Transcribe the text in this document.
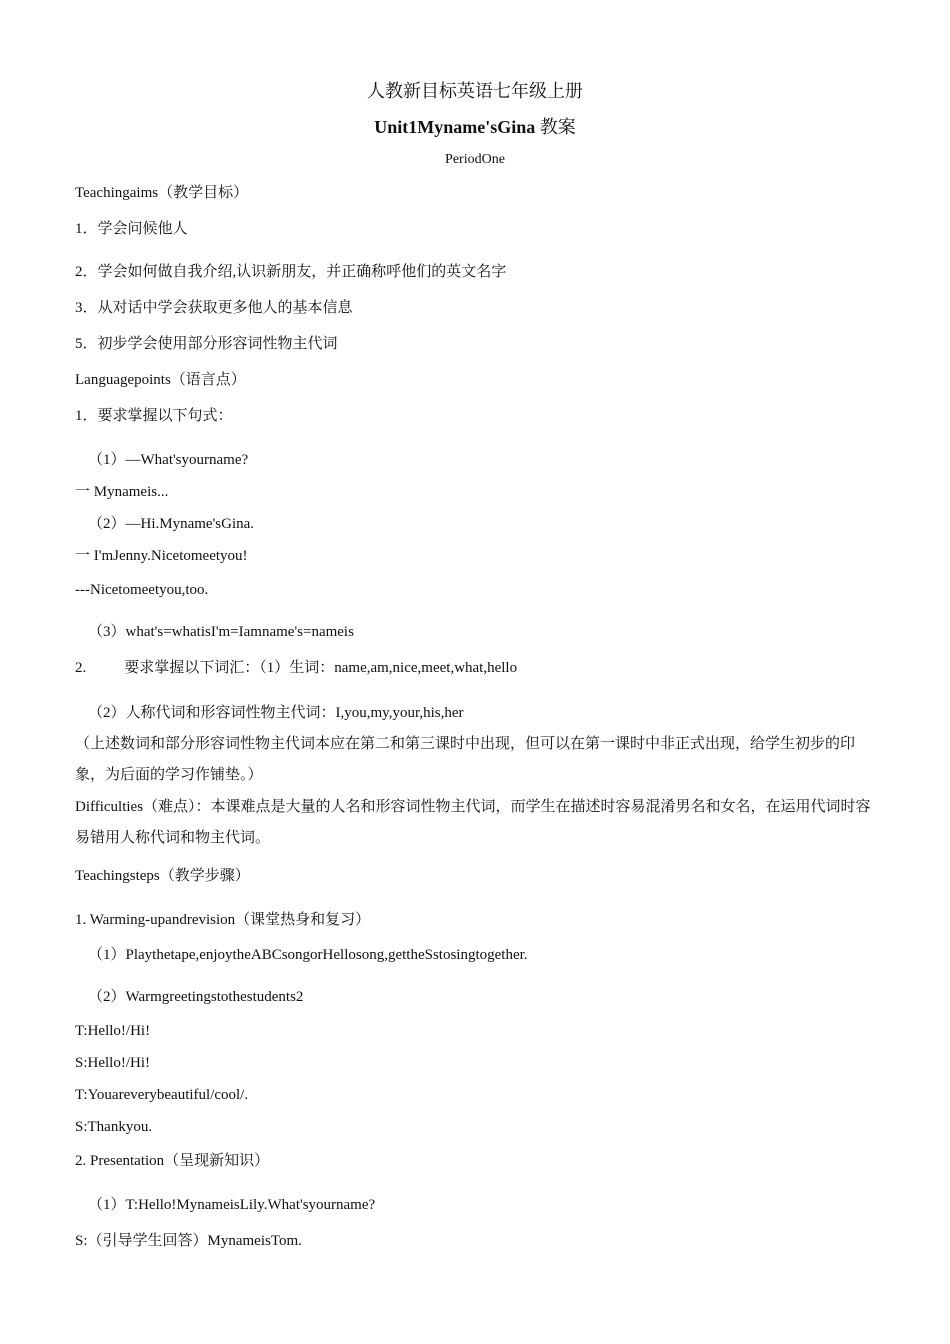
人教新目标英语七年级上册
Unit1Myname'sGina 教案
PeriodOne
Teachingaims（教学目标）
1．学会问候他人
2．学会如何做自我介绍,认识新朋友，并正确称呼他们的英文名字
3．从对话中学会获取更多他人的基本信息
5．初步学会使用部分形容词性物主代词
Languagepoints（语言点）
1．要求掌握以下句式：
（1）—What'syourname?
一 Mynameis...
（2）—Hi.Myname'sGina.
一 I'mJenny.Nicetomeetyou!
---Nicetomeetyou,too.
（3）what's=whatisI'm=Iamname's=nameis
2.	要求掌握以下词汇：（1）生词：name,am,nice,meet,what,hello
（2）人称代词和形容词性物主代词：I,you,my,your,his,her
（上述数词和部分形容词性物主代词本应在第二和第三课时中出现，但可以在第一课时中非正式出现，给学生初步的印象，为后面的学习作铺垫。）
Difficulties（难点）：本课难点是大量的人名和形容词性物主代词，而学生在描述时容易混淆男名和女名，在运用代词时容易错用人称代词和物主代词。
Teachingsteps（教学步骤）
1. Warming-upandrevision（课堂热身和复习）
（1）Playthetape,enjoytheABCsongorHellosong,gettheSstosingtogether.
（2）Warmgreetingstothestudents2
T:Hello!/Hi!
S:Hello!/Hi!
T:Youareverybeautiful/cool/.
S:Thankyou.
2. Presentation（呈现新知识）
（1）T:Hello!MynameisLily.What'syourname?
S:（引导学生回答）MynameisTom.
